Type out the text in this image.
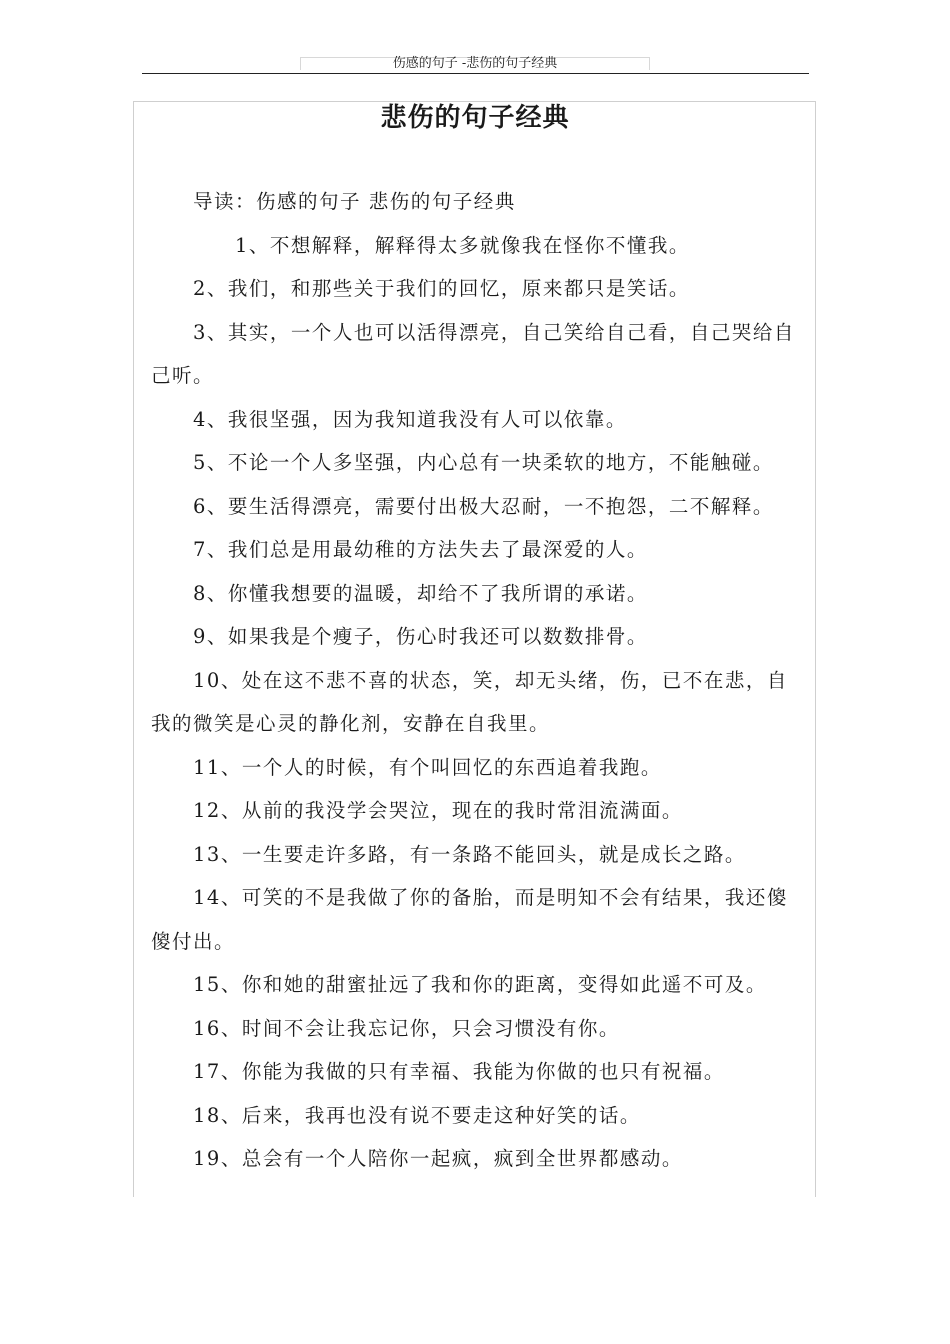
伤感的句子 -悲伤的句子经典
悲伤的句子经典

导读：伤感的句子 悲伤的句子经典

1、不想解释，解释得太多就像我在怪你不懂我。

2、我们，和那些关于我们的回忆，原来都只是笑话。

3、其实，一个人也可以活得漂亮，自己笑给自己看，自己哭给自己听。

4、我很坚强，因为我知道我没有人可以依靠。

5、不论一个人多坚强，内心总有一块柔软的地方，不能触碰。

6、要生活得漂亮，需要付出极大忍耐，一不抱怨，二不解释。

7、我们总是用最幼稚的方法失去了最深爱的人。

8、你懂我想要的温暖，却给不了我所谓的承诺。

9、如果我是个瘦子，伤心时我还可以数数排骨。

10、处在这不悲不喜的状态，笑，却无头绪，伤，已不在悲，自我的微笑是心灵的静化剂，安静在自我里。

11、一个人的时候，有个叫回忆的东西追着我跑。

12、从前的我没学会哭泣，现在的我时常泪流满面。

13、一生要走许多路，有一条路不能回头，就是成长之路。

14、可笑的不是我做了你的备胎，而是明知不会有结果，我还傻傻付出。

15、你和她的甜蜜扯远了我和你的距离，变得如此遥不可及。

16、时间不会让我忘记你，只会习惯没有你。

17、你能为我做的只有幸福、我能为你做的也只有祝福。

18、后来，我再也没有说不要走这种好笑的话。

19、总会有一个人陪你一起疯，疯到全世界都感动。
